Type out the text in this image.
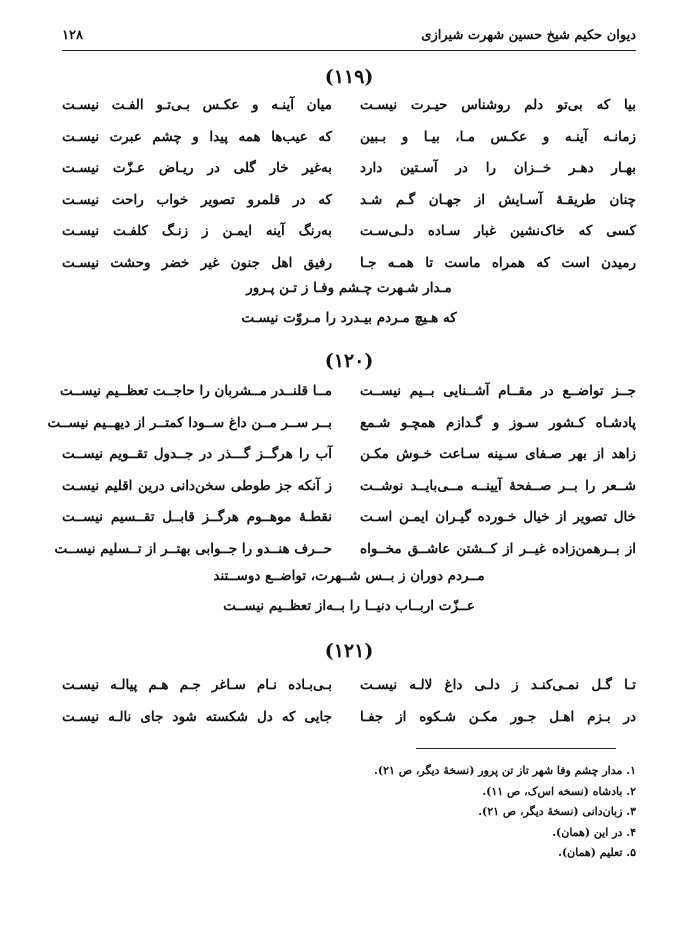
دیوان حکیم شیخ حسین شهرت شیرازی
۱۲۸
(۱۱۹)
بیا که بی‌تو دلم روشناس حیـرت نیسـت
میان آینـه و عکـس بـی‌تـو الفـت نیسـت
زمانـه آینـه و عکـس مـا، بیـا و بـبین
که عیب‌ها همه پیدا و چشم عبرت نیسـت
بهـار دهـر خــزان را در آسـتین دارد
به‌غیر خار گلی در ریـاض عـزّت نیسـت
چنان طریقـهٔ آسـایش از جهـان گـم شـد
که در قلمرو تصویر خواب راحت نیسـت
کسی که خاک‌نشین غبار سـاده دلـی‌سـت
به‌رنگ آینه ایمـن ز زنـگ کلفـت نیسـت
رمیدن است که همراه ماست تا همـه جـا
رفیق اهل جنون غیر خضر وحشت نیسـت
مـدار شـهرت چـشم وفـا ز تـن پـرور
که هـیچ مـردم بیـدرد را مـروّت نیسـت
(۱۲۰)
جــز تواضــع در مقــام آشــنایی بــیم نیســت
مــا قلنــدر مــشربان را حاجــت تعظــیم نیســت
پادشـاه کـشور سـوز و گـدازم همچـو شـمع
بــر ســر مــن داغ ســودا کمتــر از دیهــیم نیســت
زاهد از بهر صـفای سـینه سـاعت خـوش مکـن
آب را هرگــز گـــذر در جــدول تقــویم نیســت
شــعر را بــر صــفحهٔ آیینــه مــی‌بایــد نوشــت
ز آنکه جز طوطی سخن‌دانی درین اقلیم نیسـت
خال تصویر از خیال خـورده گیـران ایمـن اسـت
نقطـهٔ موهــوم هرگــز قابــل تقــسیم نیســت
از بــرهمن‌زاده غیــر از کــشتن عاشــق مخــواه
حــرف هنــدو را جــوابی بهتــر از تــسلیم نیســت
مــردم دوران ز بــس شــهرت، تواضــع دوســتند
عــزّت اربــاب دنیــا را بــه‌از تعظــیم نیســت
(۱۲۱)
تـا گـل نمـی‌کنـد ز دلـی داغ لالـه نیسـت
بـی‌بـاده نـام سـاغر جـم هـم پیالـه نیسـت
در بـزم اهـل جـور مکـن شـکوه از جفـا
جایی که دل شکسته شود جای نالـه نیسـت
۱. مدار چشم وفا شهر تاز تن پرور (نسخهٔ دیگر، ص ۲۱).
۲. بادشاه (نسخه اس‌ک، ص ۱۱).
۳. زبان‌دانی (نسخهٔ دیگر، ص ۲۱).
۴. در این (همان).
۵. تعلیم (همان).
